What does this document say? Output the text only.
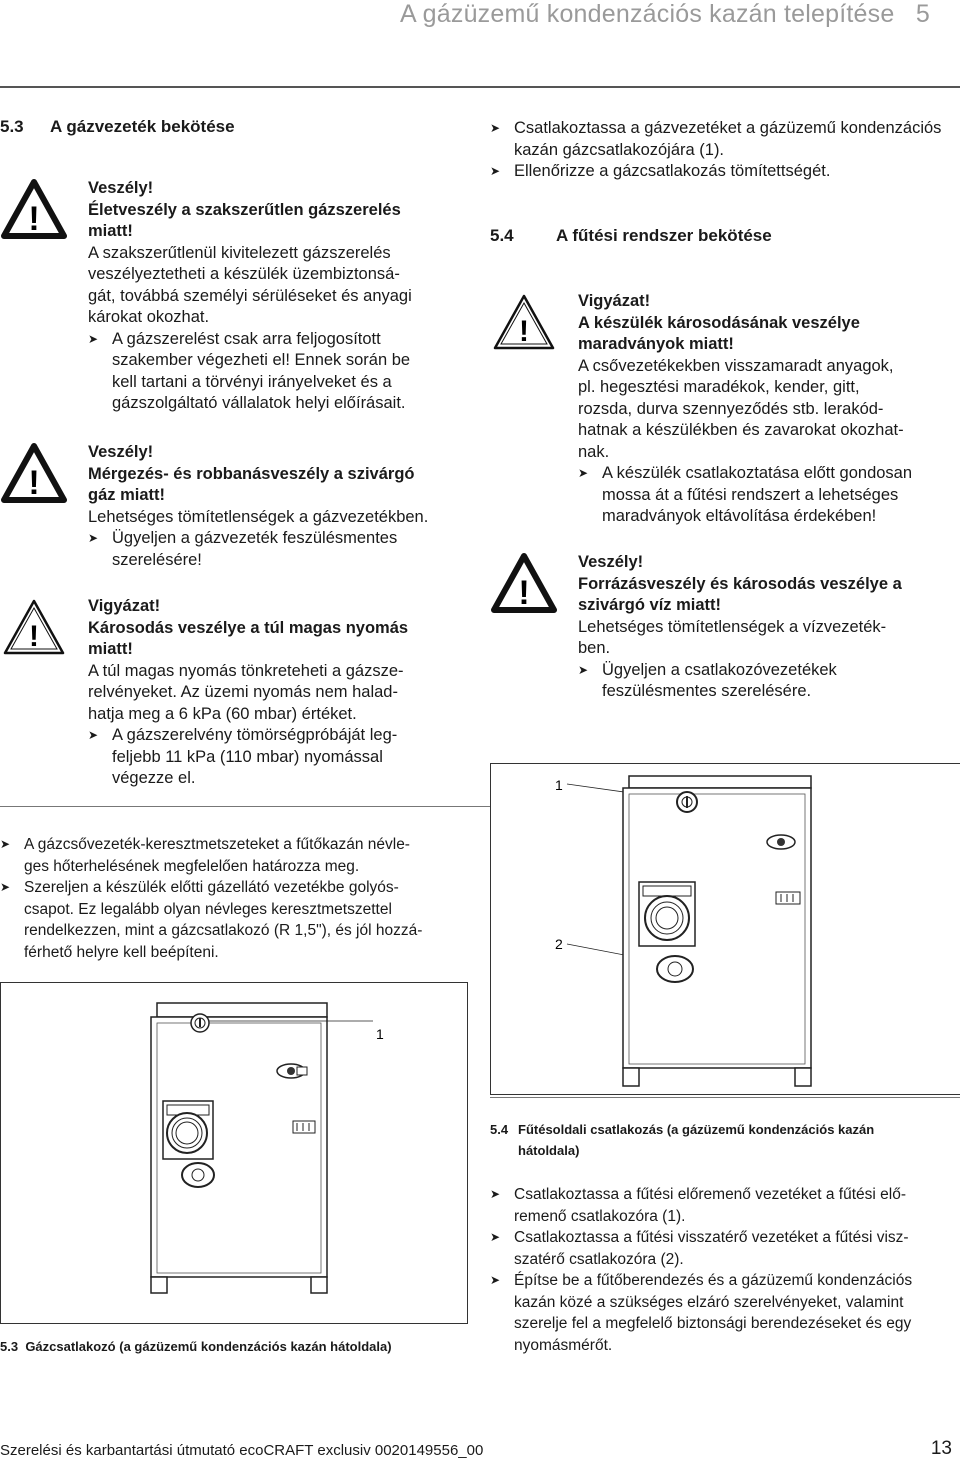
A gázüzemű kondenzációs kazán telepítése 5
5.3 A gázvezeték bekötése
!
Veszély!
Életveszély a szakszerűtlen gázszerelés
miatt!
A szakszerűtlenül kivitelezett gázszerelés
veszélyeztetheti a készülék üzembiztonsá-
gát, továbbá személyi sérüléseket és anyagi
károkat okozhat.
➤ A gázszerelést csak arra feljogosított
szakember végezheti el! Ennek során be
kell tartani a törvényi irányelveket és a
gázszolgáltató vállalatok helyi előírásait.
!
Veszély!
Mérgezés- és robbanásveszély a szivárgó
gáz miatt!
Lehetséges tömítetlenségek a gázvezetékben.
➤ Ügyeljen a gázvezeték feszülésmentes
szerelésére!
!
Vigyázat!
Károsodás veszélye a túl magas nyomás
miatt!
A túl magas nyomás tönkreteheti a gázsze-
relvényeket. Az üzemi nyomás nem halad-
hatja meg a 6 kPa (60 mbar) értéket.
➤ A gázszerelvény tömörségpróbáját leg-
feljebb 11 kPa (110 mbar) nyomással
végezze el.
➤ A gázcsővezeték-keresztmetszeteket a fűtőkazán névle-
ges hőterhelésének megfelelően határozza meg.
➤ Szereljen a készülék előtti gázellátó vezetékbe golyós-
csapot. Ez legalább olyan névleges keresztmetszettel
rendelkezzen, mint a gázcsatlakozó (R 1,5"), és jól hozzá-
férhető helyre kell beépíteni.
1
5.3 Gázcsatlakozó (a gázüzemű kondenzációs kazán hátoldala)
➤ Csatlakoztassa a gázvezetéket a gázüzemű kondenzációs
kazán gázcsatlakozójára (1).
➤ Ellenőrizze a gázcsatlakozás tömítettségét.
5.4 A fűtési rendszer bekötése
!
Vigyázat!
A készülék károsodásának veszélye
maradványok miatt!
A csővezetékekben visszamaradt anyagok,
pl. hegesztési maradékok, kender, gitt,
rozsda, durva szennyeződés stb. lerakód-
hatnak a készülékben és zavarokat okozhat-
nak.
➤ A készülék csatlakoztatása előtt gondosan
mossa át a fűtési rendszert a lehetséges
maradványok eltávolítása érdekében!
!
Veszély!
Forrázásveszély és károsodás veszélye a
szivárgó víz miatt!
Lehetséges tömítetlenségek a vízvezeték-
ben.
➤ Ügyeljen a csatlakozóvezetékek
feszülésmentes szerelésére.
1
2
5.4 Fűtésoldali csatlakozás (a gázüzemű kondenzációs kazán
hátoldala)
➤ Csatlakoztassa a fűtési előremenő vezetéket a fűtési elő-
remenő csatlakozóra (1).
➤ Csatlakoztassa a fűtési visszatérő vezetéket a fűtési visz-
szatérő csatlakozóra (2).
➤ Építse be a fűtőberendezés és a gázüzemű kondenzációs
kazán közé a szükséges elzáró szerelvényeket, valamint
szerelje fel a megfelelő biztonsági berendezéseket és egy
nyomásmérőt.
Szerelési és karbantartási útmutató ecoCRAFT exclusiv 0020149556_00	13
